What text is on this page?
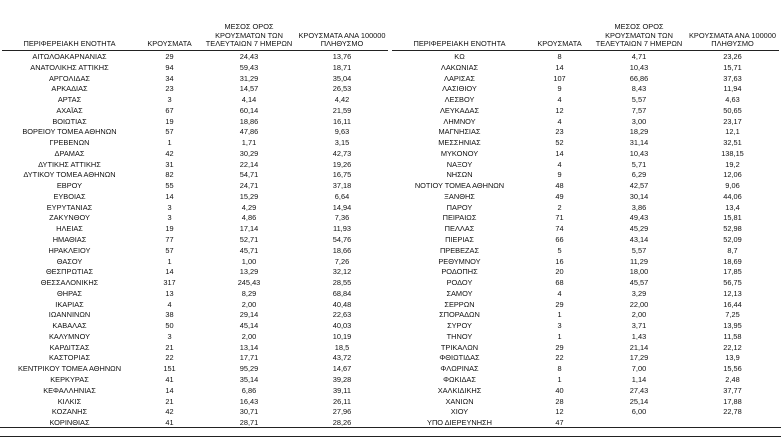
ΠΕΡΙΦΕΡΕΙΑΚΗ ΕΝΟΤΗΤΑ	ΚΡΟΥΣΜΑΤΑ	ΜΕΣΟΣ ΟΡΟΣ ΚΡΟΥΣΜΑΤΩΝ ΤΩΝ ΤΕΛΕΥΤΑΙΩΝ 7 ΗΜΕΡΩΝ	ΚΡΟΥΣΜΑΤΑ ΑΝΑ 100000 ΠΛΗΘΥΣΜΟ
ΑΙΤΩΛΟΑΚΑΡΝΑΝΙΑΣ	29	24,43	13,76
ΑΝΑΤΟΛΙΚΗΣ ΑΤΤΙΚΗΣ	94	59,43	18,71
ΑΡΓΟΛΙΔΑΣ	34	31,29	35,04
ΑΡΚΑΔΙΑΣ	23	14,57	26,53
ΑΡΤΑΣ	3	4,14	4,42
ΑΧΑΪΑΣ	67	60,14	21,59
ΒΟΙΩΤΙΑΣ	19	18,86	16,11
ΒΟΡΕΙΟΥ ΤΟΜΕΑ ΑΘΗΝΩΝ	57	47,86	9,63
ΓΡΕΒΕΝΩΝ	1	1,71	3,15
ΔΡΑΜΑΣ	42	30,29	42,73
ΔΥΤΙΚΗΣ ΑΤΤΙΚΗΣ	31	22,14	19,26
ΔΥΤΙΚΟΥ ΤΟΜΕΑ ΑΘΗΝΩΝ	82	54,71	16,75
ΕΒΡΟΥ	55	24,71	37,18
ΕΥΒΟΙΑΣ	14	15,29	6,64
ΕΥΡΥΤΑΝΙΑΣ	3	4,29	14,94
ΖΑΚΥΝΘΟΥ	3	4,86	7,36
ΗΛΕΙΑΣ	19	17,14	11,93
ΗΜΑΘΙΑΣ	77	52,71	54,76
ΗΡΑΚΛΕΙΟΥ	57	45,71	18,66
ΘΑΣΟΥ	1	1,00	7,26
ΘΕΣΠΡΩΤΙΑΣ	14	13,29	32,12
ΘΕΣΣΑΛΟΝΙΚΗΣ	317	245,43	28,55
ΘΗΡΑΣ	13	8,29	68,84
ΙΚΑΡΙΑΣ	4	2,00	40,48
ΙΩΑΝΝΙΝΩΝ	38	29,14	22,63
ΚΑΒΑΛΑΣ	50	45,14	40,03
ΚΑΛΥΜΝΟΥ	3	2,00	10,19
ΚΑΡΔΙΤΣΑΣ	21	13,14	18,5
ΚΑΣΤΟΡΙΑΣ	22	17,71	43,72
ΚΕΝΤΡΙΚΟΥ ΤΟΜΕΑ ΑΘΗΝΩΝ	151	95,29	14,67
ΚΕΡΚΥΡΑΣ	41	35,14	39,28
ΚΕΦΑΛΛΗΝΙΑΣ	14	6,86	39,11
ΚΙΛΚΙΣ	21	16,43	26,11
ΚΟΖΑΝΗΣ	42	30,71	27,96
ΚΟΡΙΝΘΙΑΣ	41	28,71	28,26
ΠΕΡΙΦΕΡΕΙΑΚΗ ΕΝΟΤΗΤΑ	ΚΡΟΥΣΜΑΤΑ	ΜΕΣΟΣ ΟΡΟΣ ΚΡΟΥΣΜΑΤΩΝ ΤΩΝ ΤΕΛΕΥΤΑΙΩΝ 7 ΗΜΕΡΩΝ	ΚΡΟΥΣΜΑΤΑ ΑΝΑ 100000 ΠΛΗΘΥΣΜΟ
ΚΩ	8	4,71	23,26
ΛΑΚΩΝΙΑΣ	14	10,43	15,71
ΛΑΡΙΣΑΣ	107	66,86	37,63
ΛΑΣΙΘΙΟΥ	9	8,43	11,94
ΛΕΣΒΟΥ	4	5,57	4,63
ΛΕΥΚΑΔΑΣ	12	7,57	50,65
ΛΗΜΝΟΥ	4	3,00	23,17
ΜΑΓΝΗΣΙΑΣ	23	18,29	12,1
ΜΕΣΣΗΝΙΑΣ	52	31,14	32,51
ΜΥΚΟΝΟΥ	14	10,43	138,15
ΝΑΞΟΥ	4	5,71	19,2
ΝΗΣΩΝ	9	6,29	12,06
ΝΟΤΙΟΥ ΤΟΜΕΑ ΑΘΗΝΩΝ	48	42,57	9,06
ΞΑΝΘΗΣ	49	30,14	44,06
ΠΑΡΟΥ	2	3,86	13,4
ΠΕΙΡΑΙΩΣ	71	49,43	15,81
ΠΕΛΛΑΣ	74	45,29	52,98
ΠΙΕΡΙΑΣ	66	43,14	52,09
ΠΡΕΒΕΖΑΣ	5	5,57	8,7
ΡΕΘΥΜΝΟΥ	16	11,29	18,69
ΡΟΔΟΠΗΣ	20	18,00	17,85
ΡΟΔΟΥ	68	45,57	56,75
ΣΑΜΟΥ	4	3,29	12,13
ΣΕΡΡΩΝ	29	22,00	16,44
ΣΠΟΡΑΔΩΝ	1	2,00	7,25
ΣΥΡΟΥ	3	3,71	13,95
ΤΗΝΟΥ	1	1,43	11,58
ΤΡΙΚΑΛΩΝ	29	21,14	22,12
ΦΘΙΩΤΙΔΑΣ	22	17,29	13,9
ΦΛΩΡΙΝΑΣ	8	7,00	15,56
ΦΩΚΙΔΑΣ	1	1,14	2,48
ΧΑΛΚΙΔΙΚΗΣ	40	27,43	37,77
ΧΑΝΙΩΝ	28	25,14	17,88
ΧΙΟΥ	12	6,00	22,78
ΥΠΟ ΔΙΕΡΕΥΝΗΣΗ	47		
